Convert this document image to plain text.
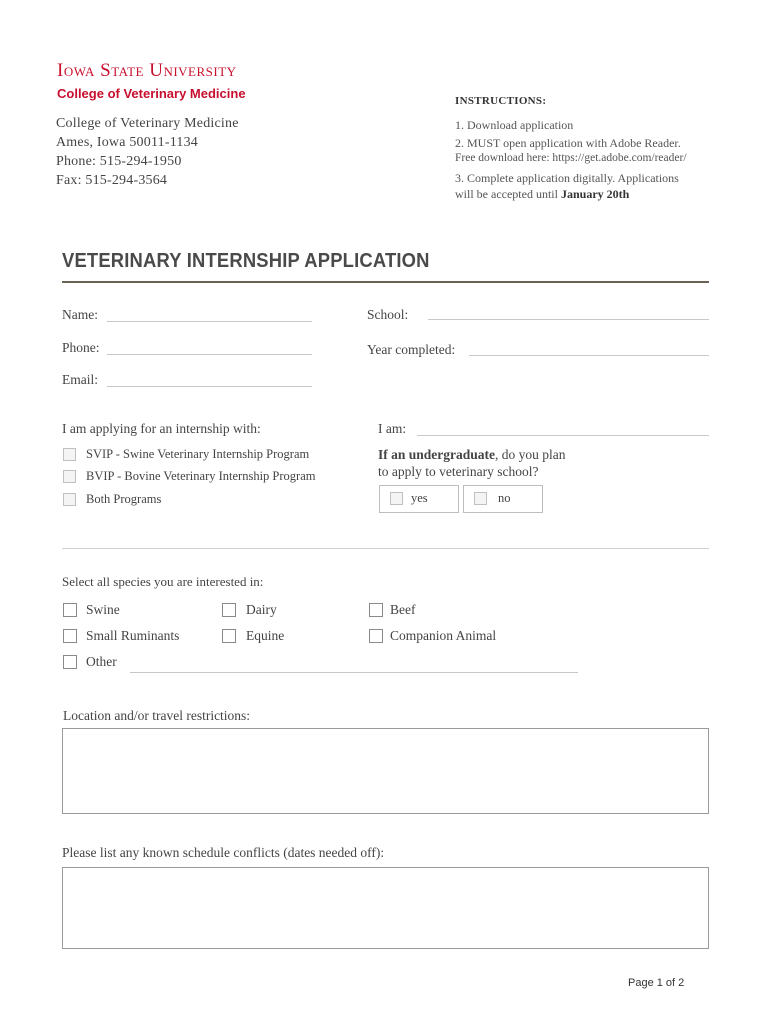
Iowa State University
College of Veterinary Medicine
College of Veterinary Medicine
Ames, Iowa 50011-1134
Phone: 515-294-1950
Fax: 515-294-3564
INSTRUCTIONS:
1. Download application
2. MUST open application with Adobe Reader.
Free download here: https://get.adobe.com/reader/
3. Complete application digitally. Applications
will be accepted until January 20th
VETERINARY INTERNSHIP APPLICATION
Name:	School:
Phone:	Year completed:
Email:
I am applying for an internship with:
SVIP - Swine Veterinary Internship Program
BVIP - Bovine Veterinary Internship Program
Both Programs
I am:
If an undergraduate, do you plan
to apply to veterinary school?
yes	no
Select all species you are interested in:
Swine	Dairy	Beef
Small Ruminants	Equine	Companion Animal
Other
Location and/or travel restrictions:
Please list any known schedule conflicts (dates needed off):
Page 1 of 2
